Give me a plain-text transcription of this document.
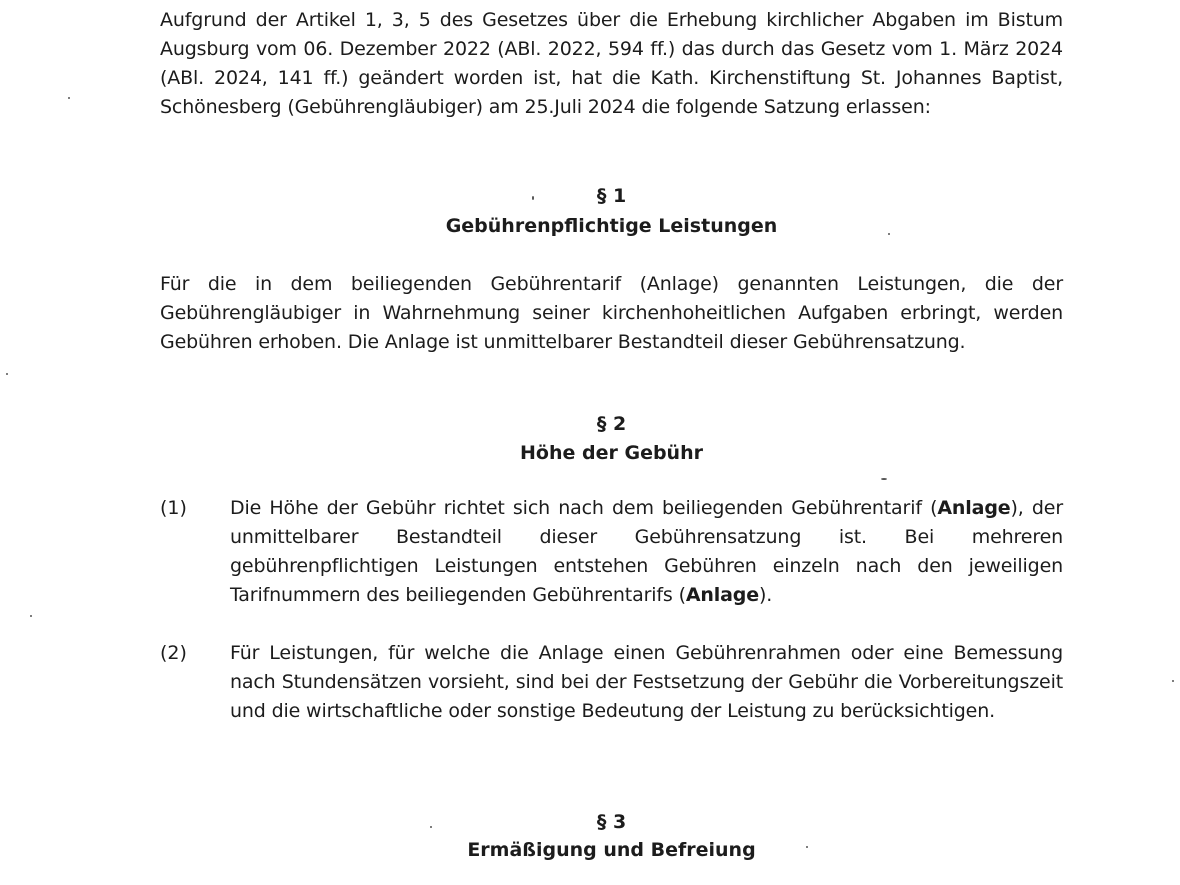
Aufgrund der Artikel 1, 3, 5 des Gesetzes über die Erhebung kirchlicher Abgaben im Bistum Augsburg vom 06. Dezember 2022 (ABl. 2022, 594 ff.) das durch das Gesetz vom 1. März 2024 (ABl. 2024, 141 ff.) geändert worden ist, hat die Kath. Kirchenstiftung St. Johannes Baptist, Schönesberg (Gebührengläubiger) am 25.Juli 2024 die folgende Satzung erlassen:
§ 1
Gebührenpflichtige Leistungen
Für die in dem beiliegenden Gebührentarif (Anlage) genannten Leistungen, die der Gebührengläubiger in Wahrnehmung seiner kirchenhoheitlichen Aufgaben erbringt, werden Gebühren erhoben. Die Anlage ist unmittelbarer Bestandteil dieser Gebührensatzung.
§ 2
Höhe der Gebühr
(1)	Die Höhe der Gebühr richtet sich nach dem beiliegenden Gebührentarif (Anlage), der unmittelbarer Bestandteil dieser Gebührensatzung ist. Bei mehreren gebührenpflichtigen Leistungen entstehen Gebühren einzeln nach den jeweiligen Tarifnummern des beiliegenden Gebührentarifs (Anlage).
(2)	Für Leistungen, für welche die Anlage einen Gebührenrahmen oder eine Bemessung nach Stundensätzen vorsieht, sind bei der Festsetzung der Gebühr die Vorbereitungszeit und die wirtschaftliche oder sonstige Bedeutung der Leistung zu berücksichtigen.
§ 3
Ermäßigung und Befreiung
